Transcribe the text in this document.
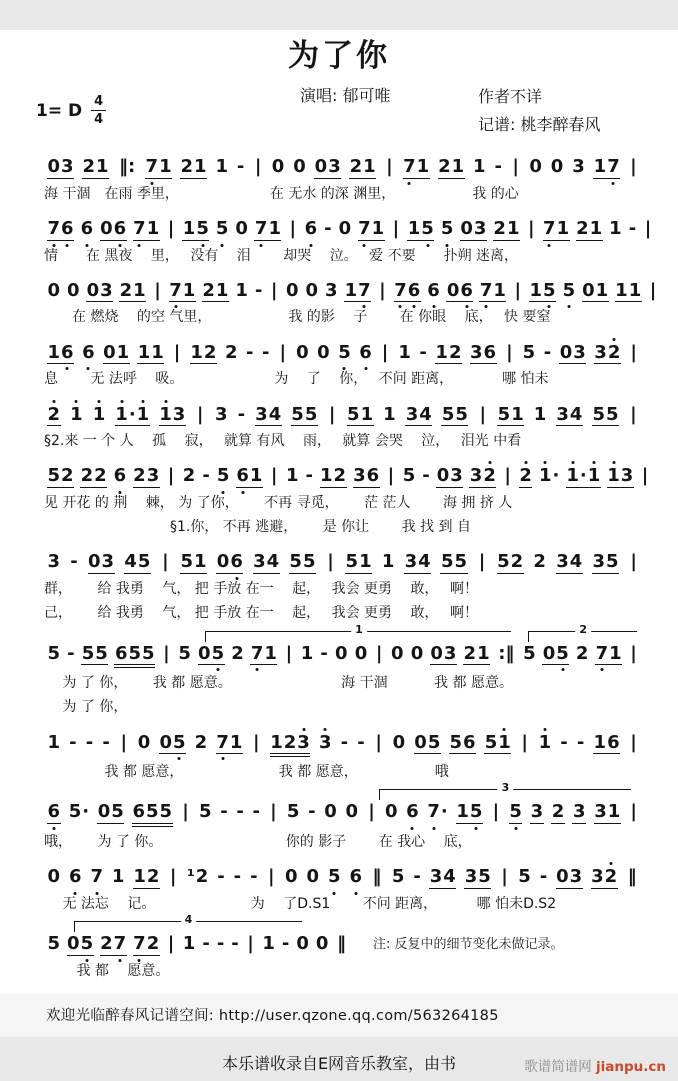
为了你
1= D $\frac{4}{4}$	演唱: 郁可唯	作者不详
记谱: 桃李醉春风
03 21 ‖: 71 21 1 - | 0 0 03 21 | 71 21 1 - | 0 0 3 17 |
海 干涸　在雨 季里，　　　　　　　在 无水 的深 渊里，　　　　　　我 的心
76 6 06 71 | 15 5 0 71 | 6 - 0 71 | 15 5 03 21 | 71 21 1 - |
情　　在 黑夜　 里，　 没有　 泪　　 却哭　 泣。　 爱 不要　　扑朔 迷离，
0 0 03 21 | 71 21 1 - | 0 0 3 17 | 76 6 06 71 | 15 5 01 11 |
　　在 燃烧　 的空 气里，　　　　　　我 的影　 子　　 在 你眼　 底，　 快 要窒
16 6 01 11 | 12 2 - - | 0 0 5 6 | 1 - 12 36 | 5 - 03 32 |
息　　 无 法呼　 吸。　　　　　　　为　 了　 你，　 不问 距离，　　　　哪 怕未
2 1 1 1·1 13 | 3 - 34 55 | 51 1 34 55 | 51 1 34 55 |
§2.来 一 个 人　 孤　 寂，　 就算 有风　 雨，　 就算 会哭　 泣，　 泪光 中看
52 22 6 23 | 2 - 5 61 | 1 - 12 36 | 5 - 03 32 | 2 1· 1·1 13 |
见 开花 的 荆　 棘， 为 了你，　　 不再 寻觅，　　 茫 茫人　　 海 拥 挤 人
　　　　　　　　　§1.你， 不再 逃避，　　 是 你让　　 我 找 到 自
3 - 03 45 | 51 06 34 55 | 51 1 34 55 | 52 2 34 35 |
群，　　 给 我勇　 气， 把 手放 在一　 起，　 我会 更勇　 敢，　 啊！
己，　　 给 我勇　 气， 把 手放 在一　 起，　 我会 更勇　 敢，　 啊！
1	2
5 - 55 655 | 5 05 2 71 | 1 - 0 0 | 0 0 03 21 :‖ 5 05 2 71 |
　 为 了 你，　　 我 都 愿意。　　　　　　　　 海 干涸　　　 我 都 愿意。
　 为 了 你，
1 - - - | 0 05 2 71 | 123 3 - - | 0 05 56 51 | 1 - - 16 |
　　　　 我 都 愿意，　　　　　　　 我 都 愿意，　　　　　　哦
3
6 5· 05 655 | 5 - - - | 5 - 0 0 | 0 6 7· 15 | 5 3 2 3 31 |
哦，　　 为 了 你。　　　　　　　　　 你的 影子　　 在 我心　 底，
0 6 7 1 12 | ¹2 - - - | 0 0 5 6 ‖ 5 - 34 35 | 5 - 03 32 ‖
　 无 法忘　 记。　　　　　　　 为　 了D.S1　　 不问 距离，　　　 哪 怕未D.S2
4
5 05 27 72 | 1 - - - | 1 - 0 0 ‖ 注: 反复中的细节变化未做记录。
　　 我 都　 愿意。
欢迎光临醉春风记谱空间: http://user.qzone.qq.com/563264185
本乐谱收录自E网音乐教室，由书	歌谱简谱网 jianpu.cn
